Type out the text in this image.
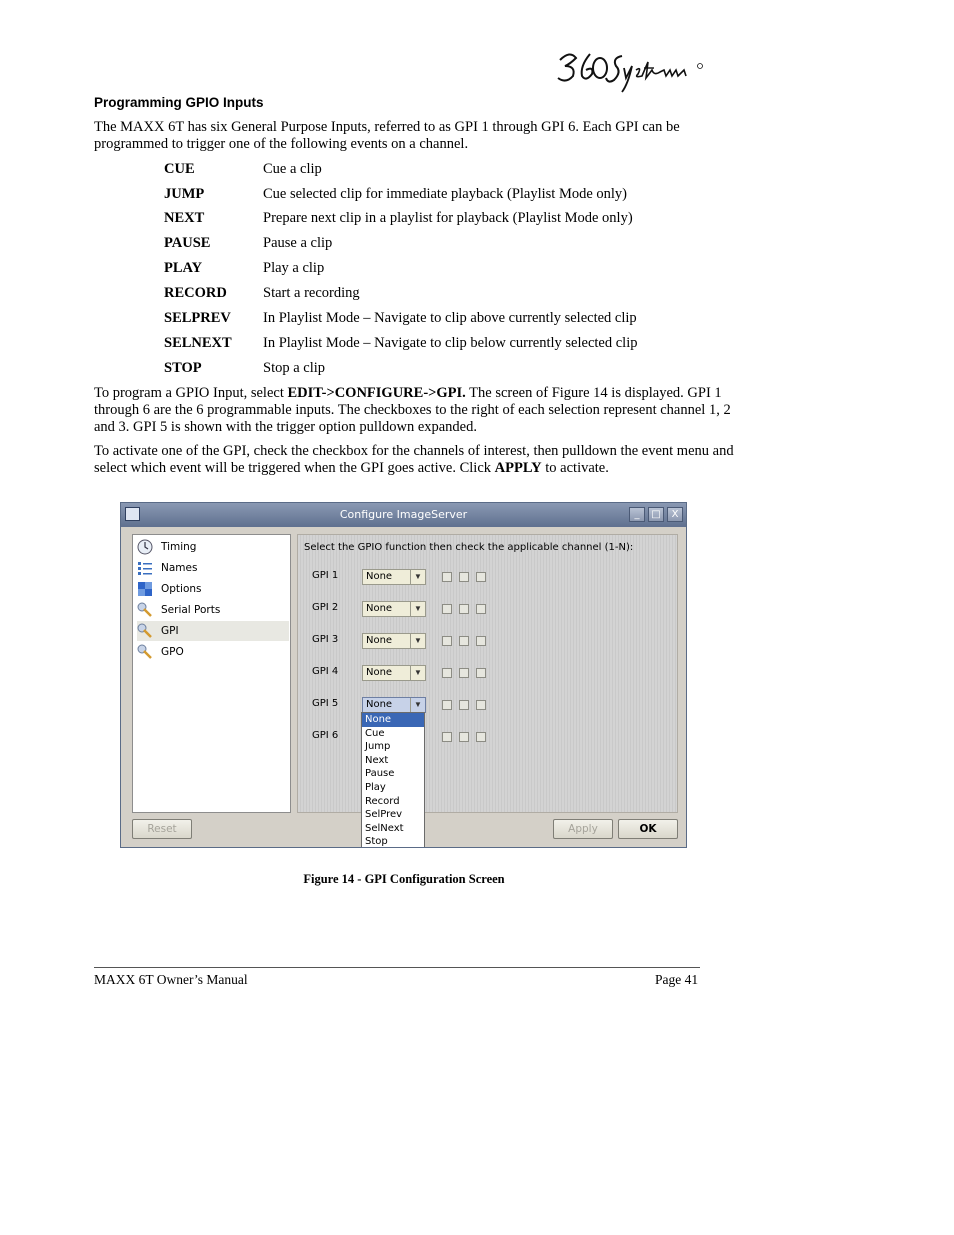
Programming GPIO Inputs
The MAXX 6T has six General Purpose Inputs, referred to as GPI 1 through GPI 6. Each GPI can be programmed to trigger one of the following events on a channel.
CUE	Cue a clip
JUMP	Cue selected clip for immediate playback (Playlist Mode only)
NEXT	Prepare next clip in a playlist for playback (Playlist Mode only)
PAUSE	Pause a clip
PLAY	Play a clip
RECORD Start a recording
SELPREV In Playlist Mode – Navigate to clip above currently selected clip
SELNEXT In Playlist Mode – Navigate to clip below currently selected clip
STOP	Stop a clip
To program a GPIO Input, select EDIT->CONFIGURE->GPI. The screen of Figure 14 is displayed. GPI 1 through 6 are the 6 programmable inputs. The checkboxes to the right of each selection represent channel 1, 2 and 3. GPI 5 is shown with the trigger option pulldown expanded.
To activate one of the GPI, check the checkbox for the channels of interest, then pulldown the event menu and select which event will be triggered when the GPI goes active. Click APPLY to activate.
Configure ImageServer	_	□	X
Timing
Names
Options
Serial Ports
GPI
GPO
Select the GPIO function then check the applicable channel (1-N):
GPI 1	None	▼
GPI 2	None	▼
GPI 3	None	▼
GPI 4	None	▼
GPI 5	None	▼
GPI 6
None
Cue
Jump
Next
Pause
Play
Record
SelPrev
SelNext
Stop
Reset	Apply	OK
Figure 14 - GPI Configuration Screen
MAXX 6T Owner’s Manual	Page 41
